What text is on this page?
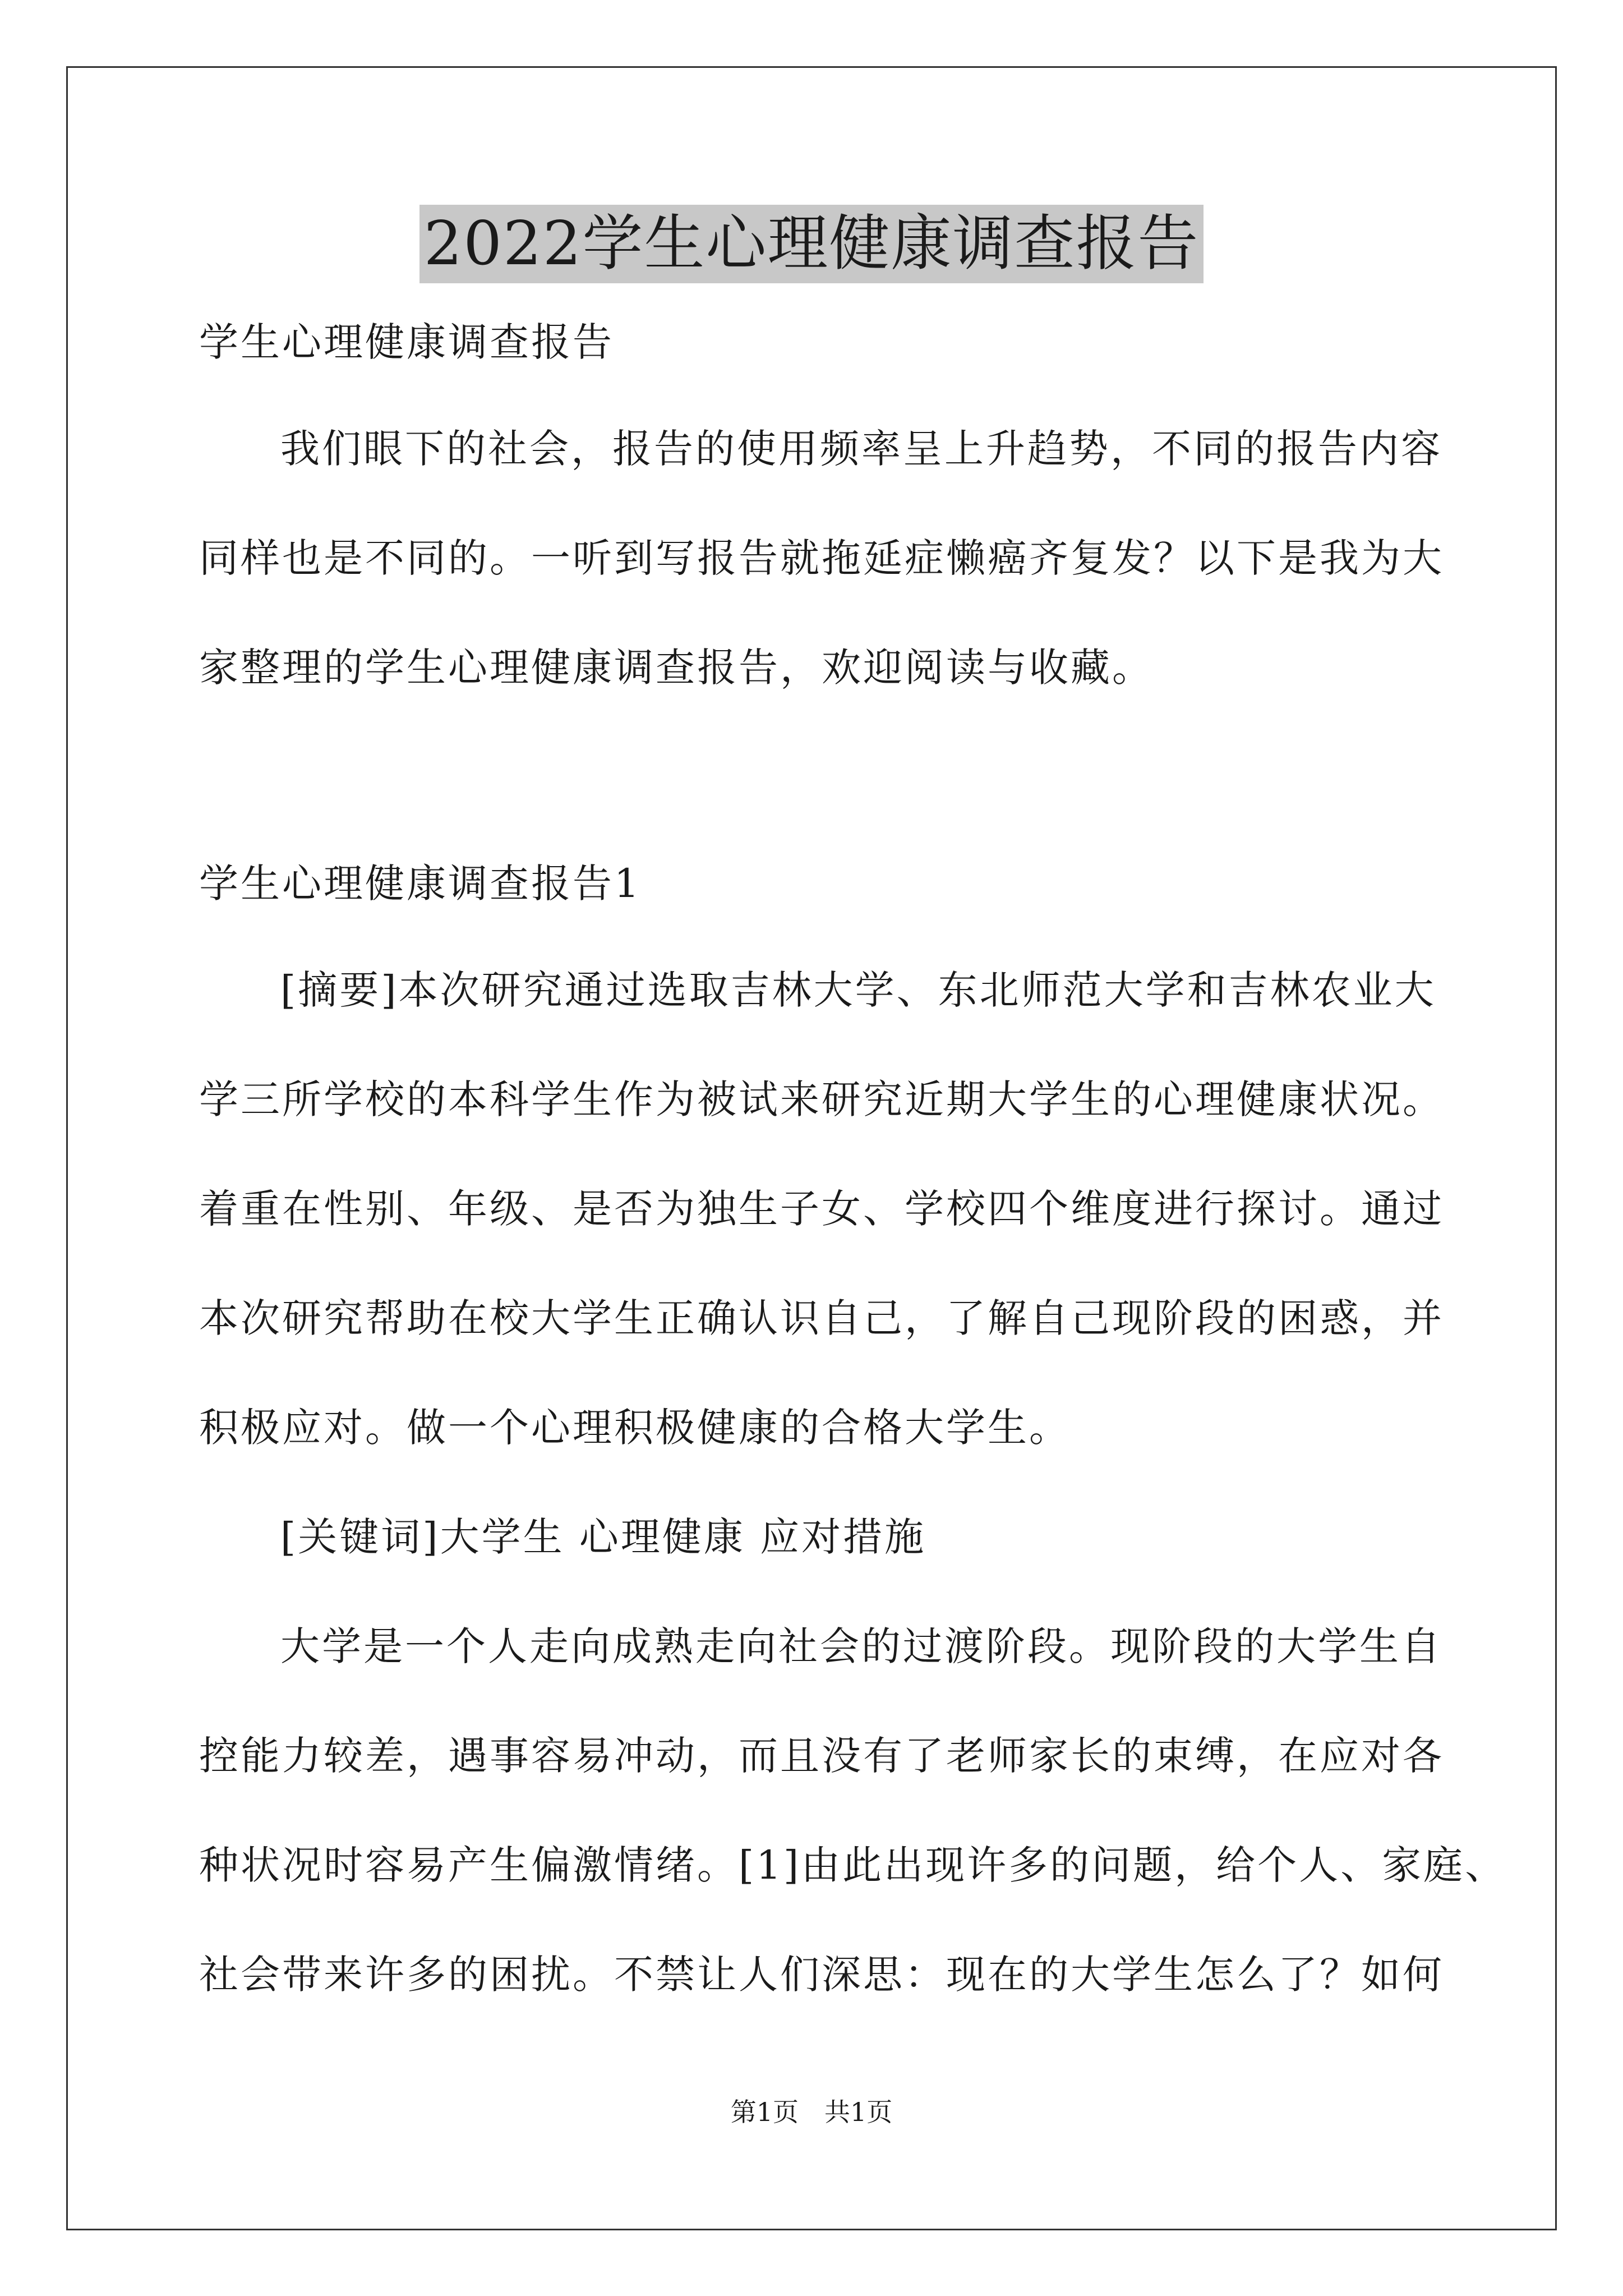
2022学生心理健康调查报告
学生心理健康调查报告
我们眼下的社会，报告的使用频率呈上升趋势，不同的报告内容
同样也是不同的。一听到写报告就拖延症懒癌齐复发？以下是我为大
家整理的学生心理健康调查报告，欢迎阅读与收藏。
学生心理健康调查报告1
[摘要]本次研究通过选取吉林大学、东北师范大学和吉林农业大
学三所学校的本科学生作为被试来研究近期大学生的心理健康状况。
着重在性别、年级、是否为独生子女、学校四个维度进行探讨。通过
本次研究帮助在校大学生正确认识自己，了解自己现阶段的困惑，并
积极应对。做一个心理积极健康的合格大学生。
[关键词]大学生 心理健康 应对措施
大学是一个人走向成熟走向社会的过渡阶段。现阶段的大学生自
控能力较差，遇事容易冲动，而且没有了老师家长的束缚，在应对各
种状况时容易产生偏激情绪。[1]由此出现许多的问题，给个人、家庭、
社会带来许多的困扰。不禁让人们深思：现在的大学生怎么了？如何
第1页　共1页
